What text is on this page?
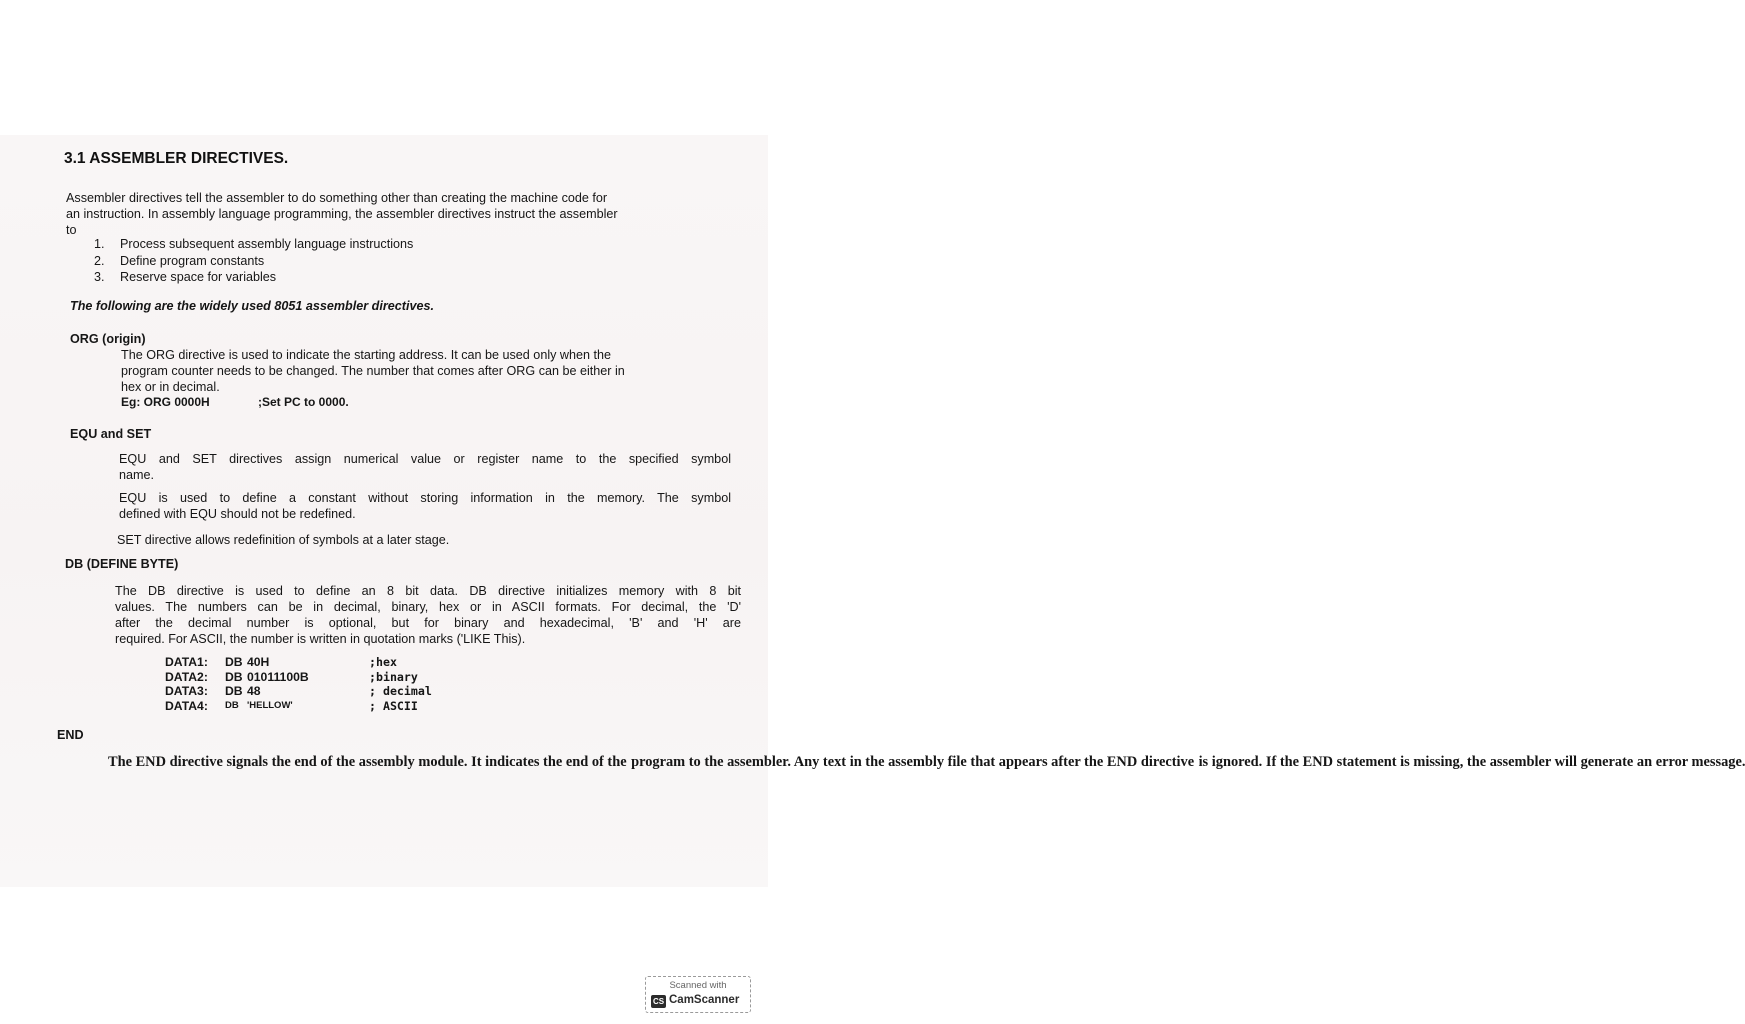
3.1 ASSEMBLER DIRECTIVES.
Assembler directives tell the assembler to do something other than creating the machine code for
an instruction. In assembly language programming, the assembler directives instruct the assembler
to
1. Process subsequent assembly language instructions
2. Define program constants
3. Reserve space for variables
The following are the widely used 8051 assembler directives.
ORG (origin)
The ORG directive is used to indicate the starting address. It can be used only when the
program counter needs to be changed. The number that comes after ORG can be either in
hex or in decimal.
Eg: ORG 0000H	;Set PC to 0000.
EQU and SET
EQU and SET directives assign numerical value or register name to the specified symbol
name.
EQU is used to define a constant without storing information in the memory. The symbol
defined with EQU should not be redefined.
SET directive allows redefinition of symbols at a later stage.
DB (DEFINE BYTE)
The DB directive is used to define an 8 bit data. DB directive initializes memory with 8 bit
values. The numbers can be in decimal, binary, hex or in ASCII formats. For decimal, the 'D'
after the decimal number is optional, but for binary and hexadecimal, 'B' and 'H' are
required. For ASCII, the number is written in quotation marks ('LIKE This).
DATA1:	DB 40H	;hex
DATA2:	DB 01011100B	;binary
DATA3:	DB 48	; decimal
DATA4:	DB 'HELLOW'	; ASCII
END
The END directive signals the end of the assembly module. It indicates the end of the program to the assembler. Any text in the assembly file that appears after the END directive is ignored. If the END statement is missing, the assembler will generate an error message.
Scanned with
CS CamScanner
